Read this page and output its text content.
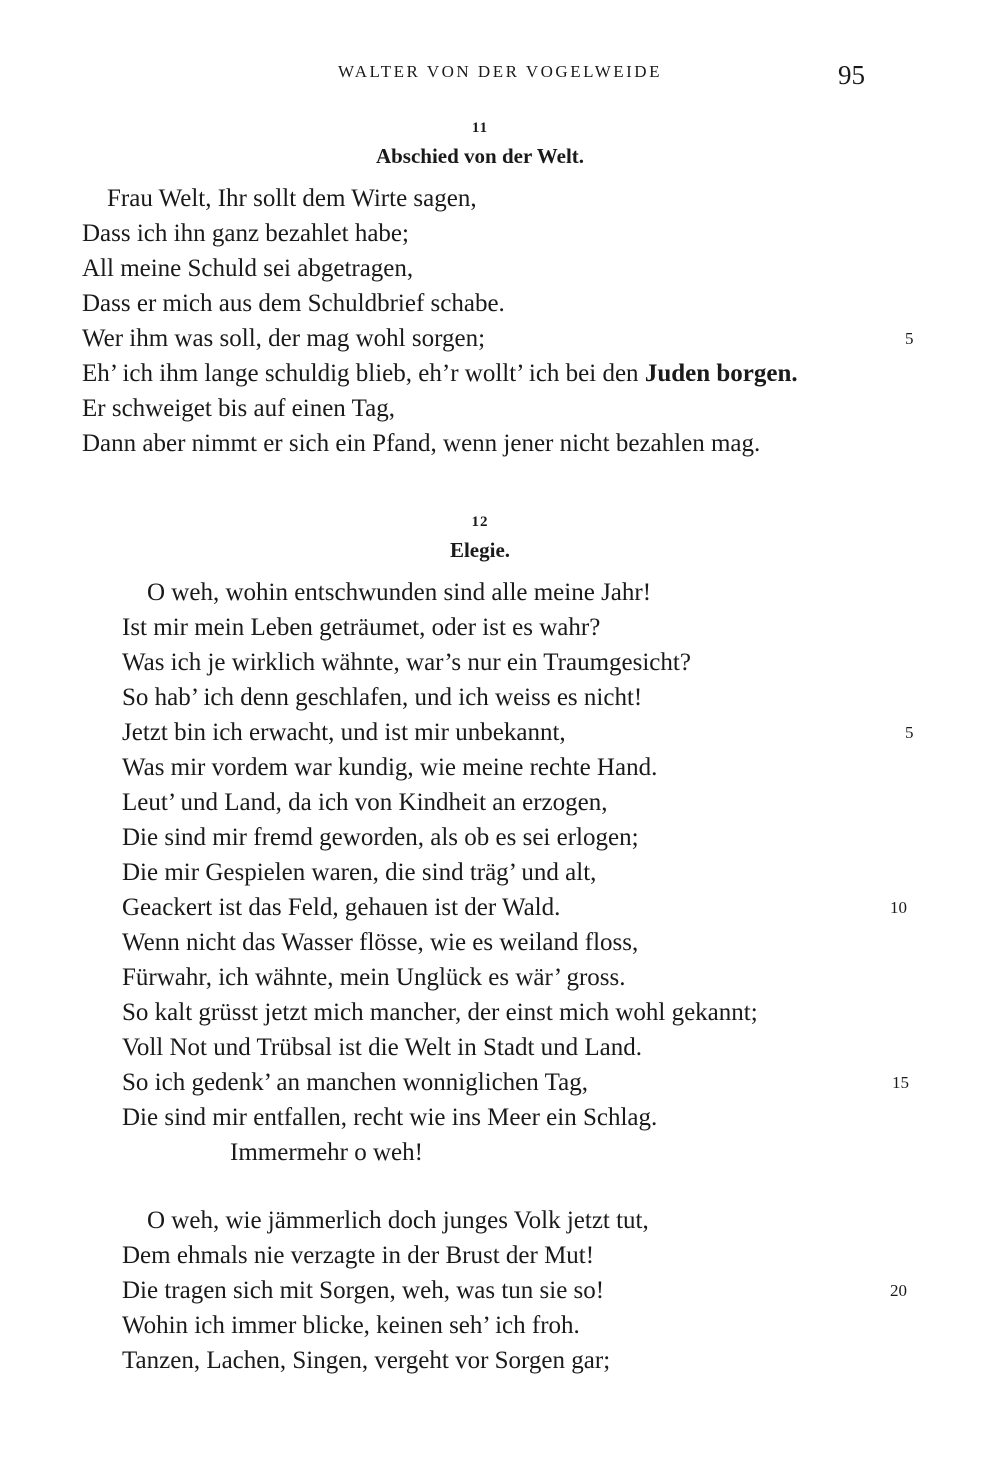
WALTER VON DER VOGELWEIDE	95
11
Abschied von der Welt.
Frau Welt, Ihr sollt dem Wirte sagen,
Dass ich ihn ganz bezahlet habe;
All meine Schuld sei abgetragen,
Dass er mich aus dem Schuldbrief schabe.
Wer ihm was soll, der mag wohl sorgen;	5
Eh’ ich ihm lange schuldig blieb, eh’r wollt’ ich bei den Juden borgen.
Er schweiget bis auf einen Tag,
Dann aber nimmt er sich ein Pfand, wenn jener nicht bezahlen mag.
12
Elegie.
O weh, wohin entschwunden sind alle meine Jahr!
Ist mir mein Leben geträumet, oder ist es wahr?
Was ich je wirklich wähnte, war’s nur ein Traumgesicht?
So hab’ ich denn geschlafen, und ich weiss es nicht!
Jetzt bin ich erwacht, und ist mir unbekannt,	5
Was mir vordem war kundig, wie meine rechte Hand.
Leut’ und Land, da ich von Kindheit an erzogen,
Die sind mir fremd geworden, als ob es sei erlogen;
Die mir Gespielen waren, die sind träg’ und alt,
Geackert ist das Feld, gehauen ist der Wald.	10
Wenn nicht das Wasser flösse, wie es weiland floss,
Fürwahr, ich wähnte, mein Unglück es wär’ gross.
So kalt grüsst jetzt mich mancher, der einst mich wohl gekannt;
Voll Not und Trübsal ist die Welt in Stadt und Land.
So ich gedenk’ an manchen wonniglichen Tag,	15
Die sind mir entfallen, recht wie ins Meer ein Schlag.
Immermehr o weh!
O weh, wie jämmerlich doch junges Volk jetzt tut,
Dem ehmals nie verzagte in der Brust der Mut!
Die tragen sich mit Sorgen, weh, was tun sie so!	20
Wohin ich immer blicke, keinen seh’ ich froh.
Tanzen, Lachen, Singen, vergeht vor Sorgen gar;
